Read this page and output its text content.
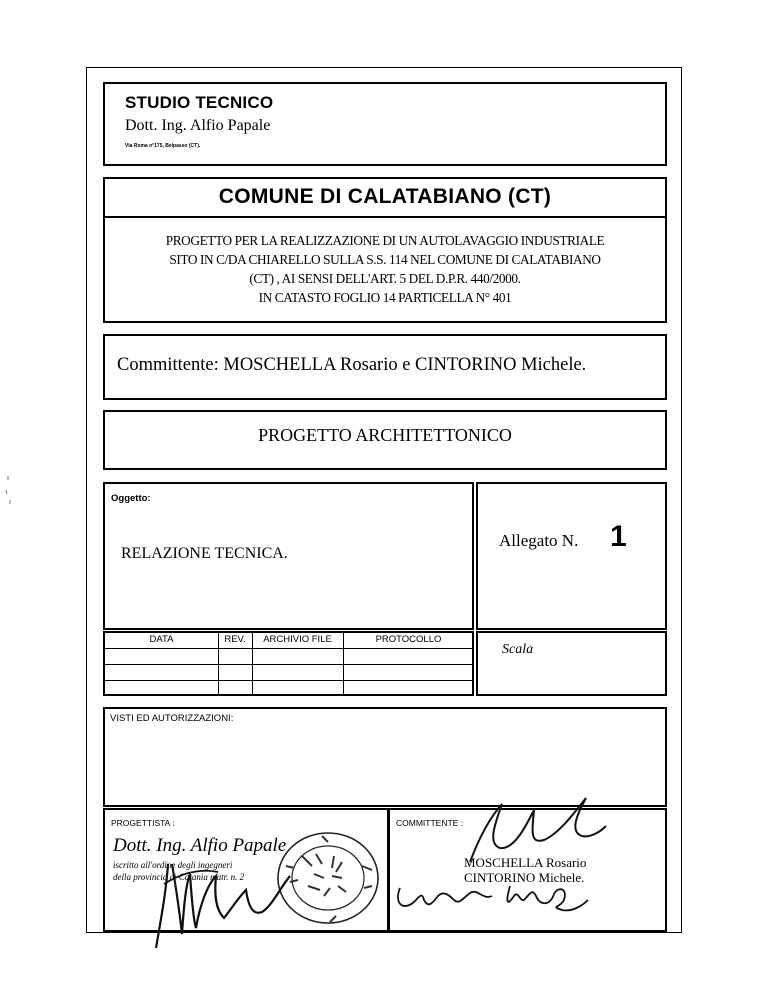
STUDIO TECNICO
Dott. Ing. Alfio Papale
Via Roma n°175, Belpasso (CT).
COMUNE DI CALATABIANO (CT)
PROGETTO PER LA REALIZZAZIONE DI UN AUTOLAVAGGIO INDUSTRIALE
SITO IN C/DA CHIARELLO SULLA S.S. 114 NEL COMUNE DI CALATABIANO
(CT) , AI SENSI DELL'ART. 5 DEL D.P.R. 440/2000.
IN CATASTO FOGLIO 14 PARTICELLA N° 401
Committente: MOSCHELLA Rosario e CINTORINO Michele.
PROGETTO ARCHITETTONICO
Oggetto:
RELAZIONE TECNICA.
Allegato N. 1
DATA	REV.	ARCHIVIO FILE	PROTOCOLLO
Scala
VISTI ED AUTORIZZAZIONI:
PROGETTISTA :
Dott. Ing. Alfio Papale
iscritto all'ordine degli ingegneri
della provincia di Catania matr. n. 2
COMMITTENTE :
MOSCHELLA Rosario
CINTORINO Michele.
